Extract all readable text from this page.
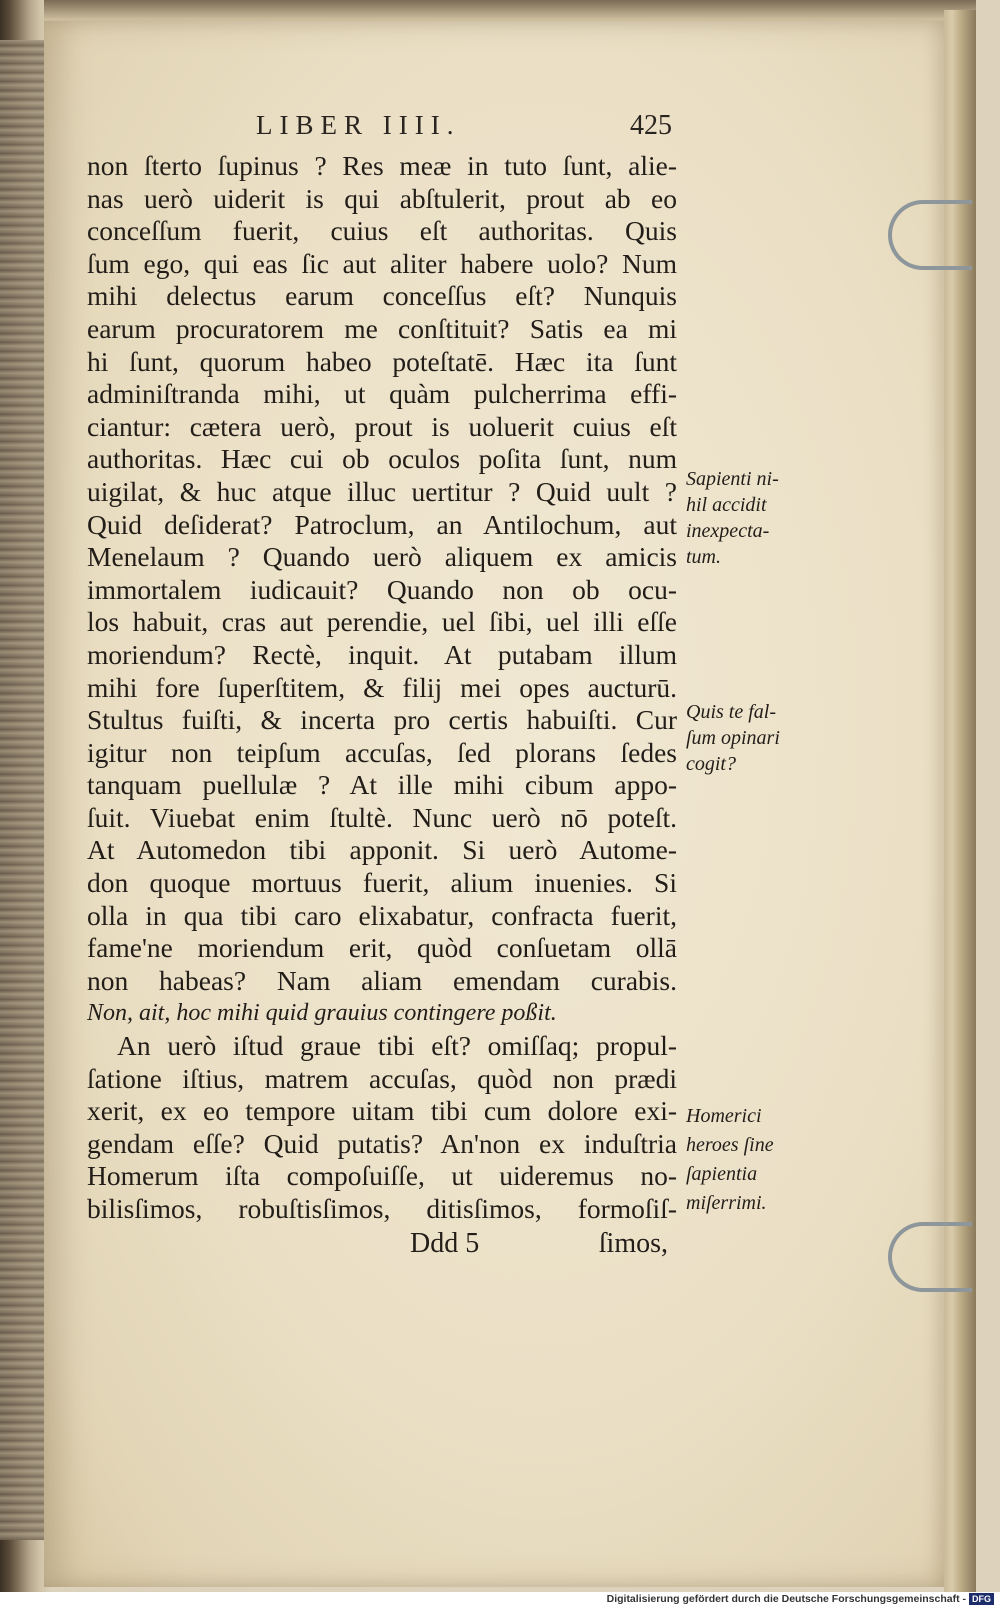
LIBER IIII.	425
non ſterto ſupinus ? Res meæ in tuto ſunt, alie-
nas uerò uiderit is qui abſtulerit, prout ab eo
conceſſum fuerit, cuius eſt authoritas. Quis
ſum ego, qui eas ſic aut aliter habere uolo? Num
mihi delectus earum conceſſus eſt? Nunquis
earum procuratorem me conſtituit? Satis ea mi
hi ſunt, quorum habeo poteſtatē. Hæc ita ſunt
adminiſtranda mihi, ut quàm pulcherrima effi-
ciantur: cætera uerò, prout is uoluerit cuius eſt
authoritas. Hæc cui ob oculos poſita ſunt, num
uigilat, & huc atque illuc uertitur ? Quid uult ?
Quid deſiderat? Patroclum, an Antilochum, aut
Menelaum ? Quando uerò aliquem ex amicis
immortalem iudicauit? Quando non ob ocu-
los habuit, cras aut perendie, uel ſibi, uel illi eſſe
moriendum? Rectè, inquit. At putabam illum
mihi fore ſuperſtitem, & filij mei opes aucturū.
Stultus fuiſti, & incerta pro certis habuiſti. Cur
igitur non teipſum accuſas, ſed plorans ſedes
tanquam puellulæ ? At ille mihi cibum appo-
ſuit. Viuebat enim ſtultè. Nunc uerò nō poteſt.
At Automedon tibi apponit. Si uerò Autome-
don quoque mortuus fuerit, alium inuenies. Si
olla in qua tibi caro elixabatur, confracta fuerit,
fame'ne moriendum erit, quòd conſuetam ollā
non habeas? Nam aliam emendam curabis.
Non, ait, hoc mihi quid grauius contingere poßit.
An uerò iſtud graue tibi eſt? omiſſaq; propul-
ſatione iſtius, matrem accuſas, quòd non prædi
xerit, ex eo tempore uitam tibi cum dolore exi-
gendam eſſe? Quid putatis? An'non ex induſtria
Homerum iſta compoſuiſſe, ut uideremus no-
bilisſimos, robuſtisſimos, ditisſimos, formoſiſ-
Ddd 5	ſimos,
Sapienti ni-
hil accidit
inexpecta-
tum.
Quis te fal-
ſum opinari
cogit?
Homerici
heroes ſine
ſapientia
miſerrimi.
Digitalisierung gefördert durch die Deutsche Forschungsgemeinschaft - DFG
